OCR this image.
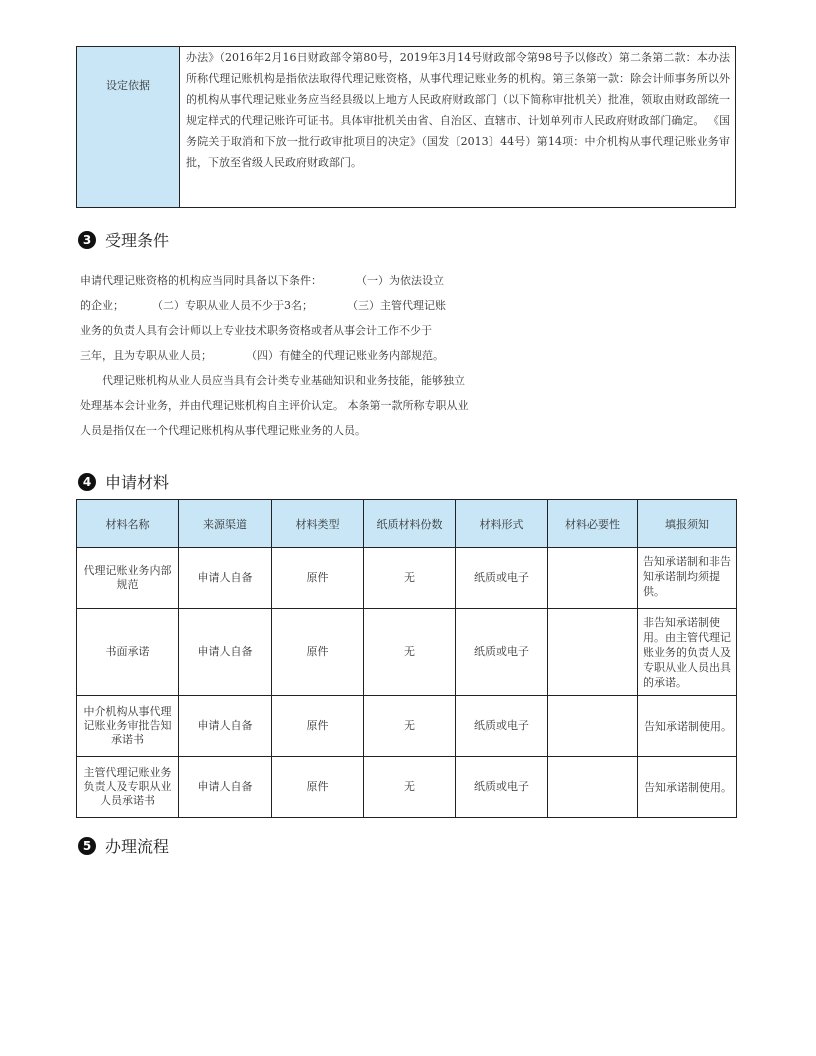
设定依据	办法》（2016年2月16日财政部令第80号，2019年3月14号财政部令第98号予以修改）第二条第二款：本办法所称代理记账机构是指依法取得代理记账资格，从事代理记账业务的机构。第三条第一款：除会计师事务所以外的机构从事代理记账业务应当经县级以上地方人民政府财政部门（以下简称审批机关）批准，领取由财政部统一规定样式的代理记账许可证书。具体审批机关由省、自治区、直辖市、计划单列市人民政府财政部门确定。 《国务院关于取消和下放一批行政审批项目的决定》（国发〔2013〕44号）第14项：中介机构从事代理记账业务审批，下放至省级人民政府财政部门。
3 受理条件

申请代理记账资格的机构应当同时具备以下条件：	（一）为依法设立

的企业；	（二）专职从业人员不少于3名；	（三）主管代理记账

业务的负责人具有会计师以上专业技术职务资格或者从事会计工作不少于

三年，且为专职从业人员；	（四）有健全的代理记账业务内部规范。

代理记账机构从业人员应当具有会计类专业基础知识和业务技能，能够独立处理基本会计业务，并由代理记账机构自主评价认定。 本条第一款所称专职从业人员是指仅在一个代理记账机构从事代理记账业务的人员。

4 申请材料
材料名称	来源渠道	材料类型	纸质材料份数	材料形式	材料必要性	填报须知
代理记账业务内部规范	申请人自备	原件	无	纸质或电子		告知承诺制和非告知承诺制均须提供。
书面承诺	申请人自备	原件	无	纸质或电子		非告知承诺制使用。由主管代理记账业务的负责人及专职从业人员出具的承诺。
中介机构从事代理记账业务审批告知承诺书	申请人自备	原件	无	纸质或电子		告知承诺制使用。
主管代理记账业务负责人及专职从业人员承诺书	申请人自备	原件	无	纸质或电子		告知承诺制使用。
5 办理流程
